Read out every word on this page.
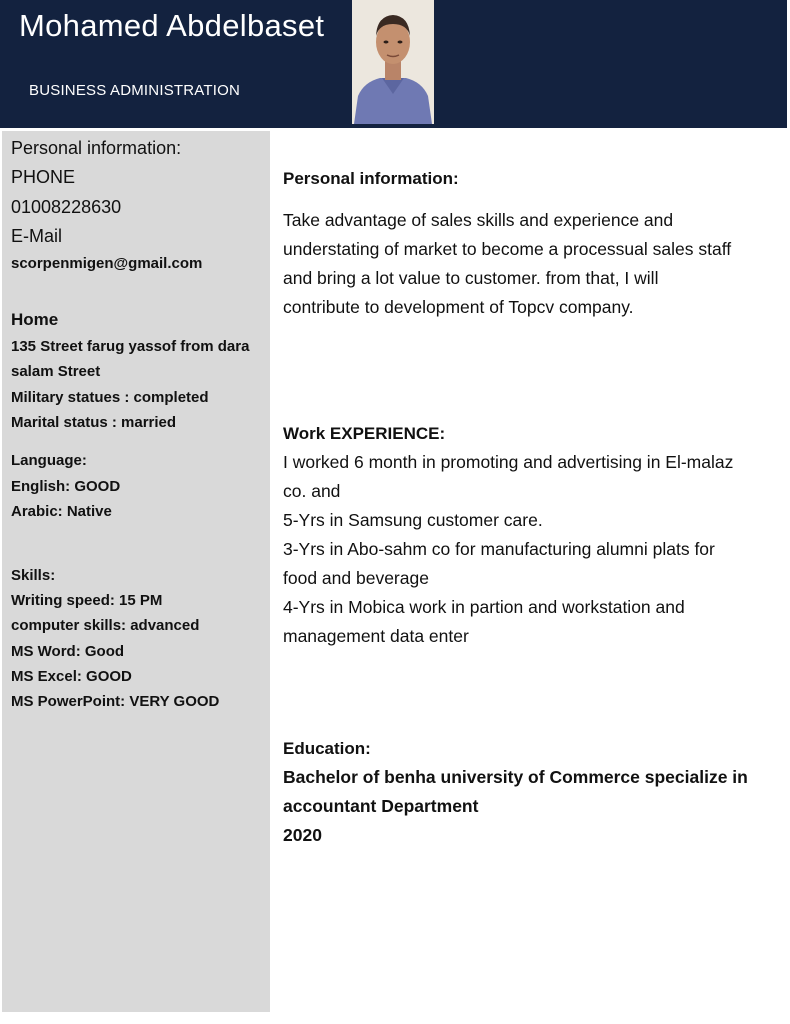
Mohamed Abdelbaset
BUSINESS ADMINISTRATION
Personal information:
PHONE
01008228630
E-Mail
scorpenmigen@gmail.com
Home
135 Street farug yassof from dara
salam Street
Military statues : completed
Marital status : married
Language:
English: GOOD
Arabic: Native
Skills:
Writing speed: 15 PM
computer skills: advanced
MS Word: Good
MS Excel: GOOD
MS PowerPoint: VERY GOOD
Personal information:
Take advantage of sales skills and experience and
understating of market to become a processual sales staff
and bring a lot value to customer. from that, I will
contribute to development of Topcv company.
Work EXPERIENCE:
I worked 6 month in promoting and advertising in El-malaz
co. and
5-Yrs in Samsung customer care.
3-Yrs in Abo-sahm co for manufacturing alumni plats for
food and beverage
4-Yrs in Mobica work in partion and workstation and
management data enter
Education:
Bachelor of benha university of Commerce specialize in
accountant Department
2020
